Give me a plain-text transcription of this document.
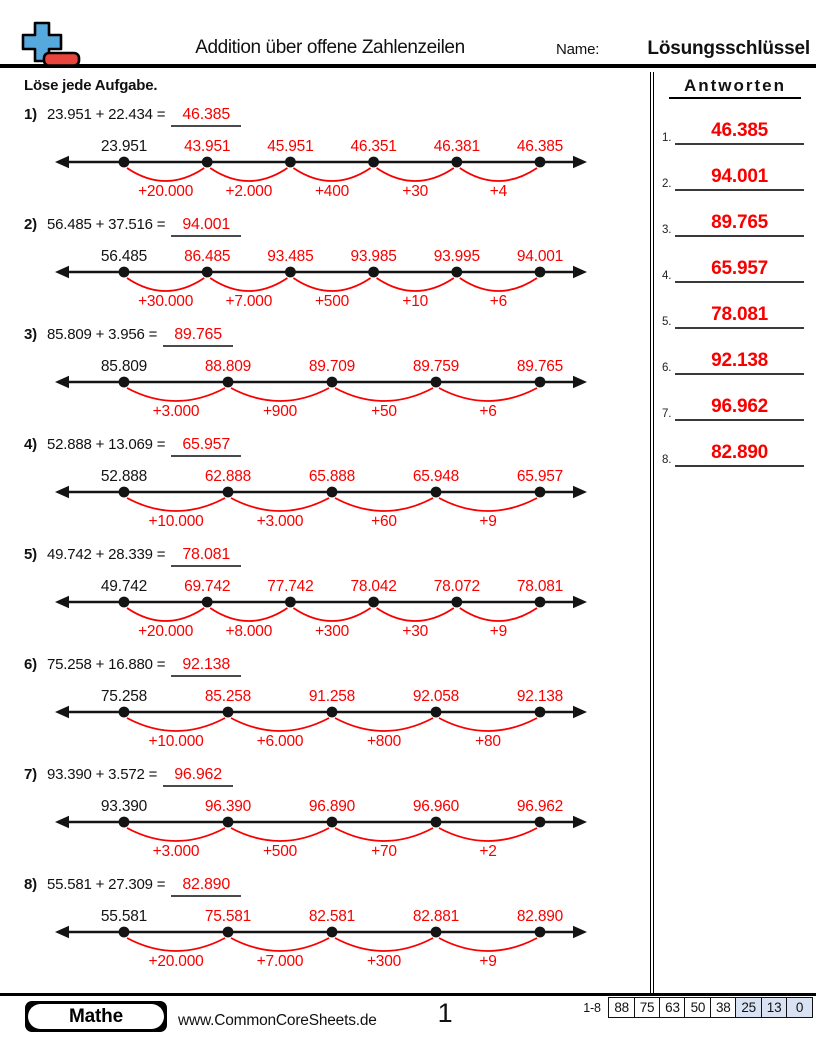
Addition über offene Zahlenzeilen	Name:	Lösungsschlüssel
Löse jede Aufgabe.
1) 23.951 + 22.434 = 46.385
23.951 43.951 45.951 46.351 46.381 46.385
+20.000 +2.000	+400	+30	+4
2) 56.485 + 37.516 = 94.001
56.485 86.485 93.485 93.985 93.995 94.001
+30.000 +7.000	+500	+10	+6
3) 85.809 + 3.956 = 89.765
85.809	88.809	89.709	89.759	89.765
+3.000	+900	+50	+6
4) 52.888 + 13.069 = 65.957
52.888	62.888	65.888	65.948	65.957
+10.000	+3.000	+60	+9
5) 49.742 + 28.339 = 78.081
49.742 69.742 77.742 78.042 78.072 78.081
+20.000 +8.000	+300	+30	+9
6) 75.258 + 16.880 = 92.138
75.258	85.258	91.258	92.058	92.138
+10.000	+6.000	+800	+80
7) 93.390 + 3.572 = 96.962
93.390	96.390	96.890	96.960	96.962
+3.000	+500	+70	+2
8) 55.581 + 27.309 = 82.890
55.581	75.581	82.581	82.881	82.890
+20.000	+7.000	+300	+9
Antworten
1.	46.385
2.	94.001
3.	89.765
4.	65.957
5.	78.081
6.	92.138
7.	96.962
8.	82.890
Mathe	www.CommonCoreSheets.de	1	1-8	88 75 63 50 38 25 13	0
